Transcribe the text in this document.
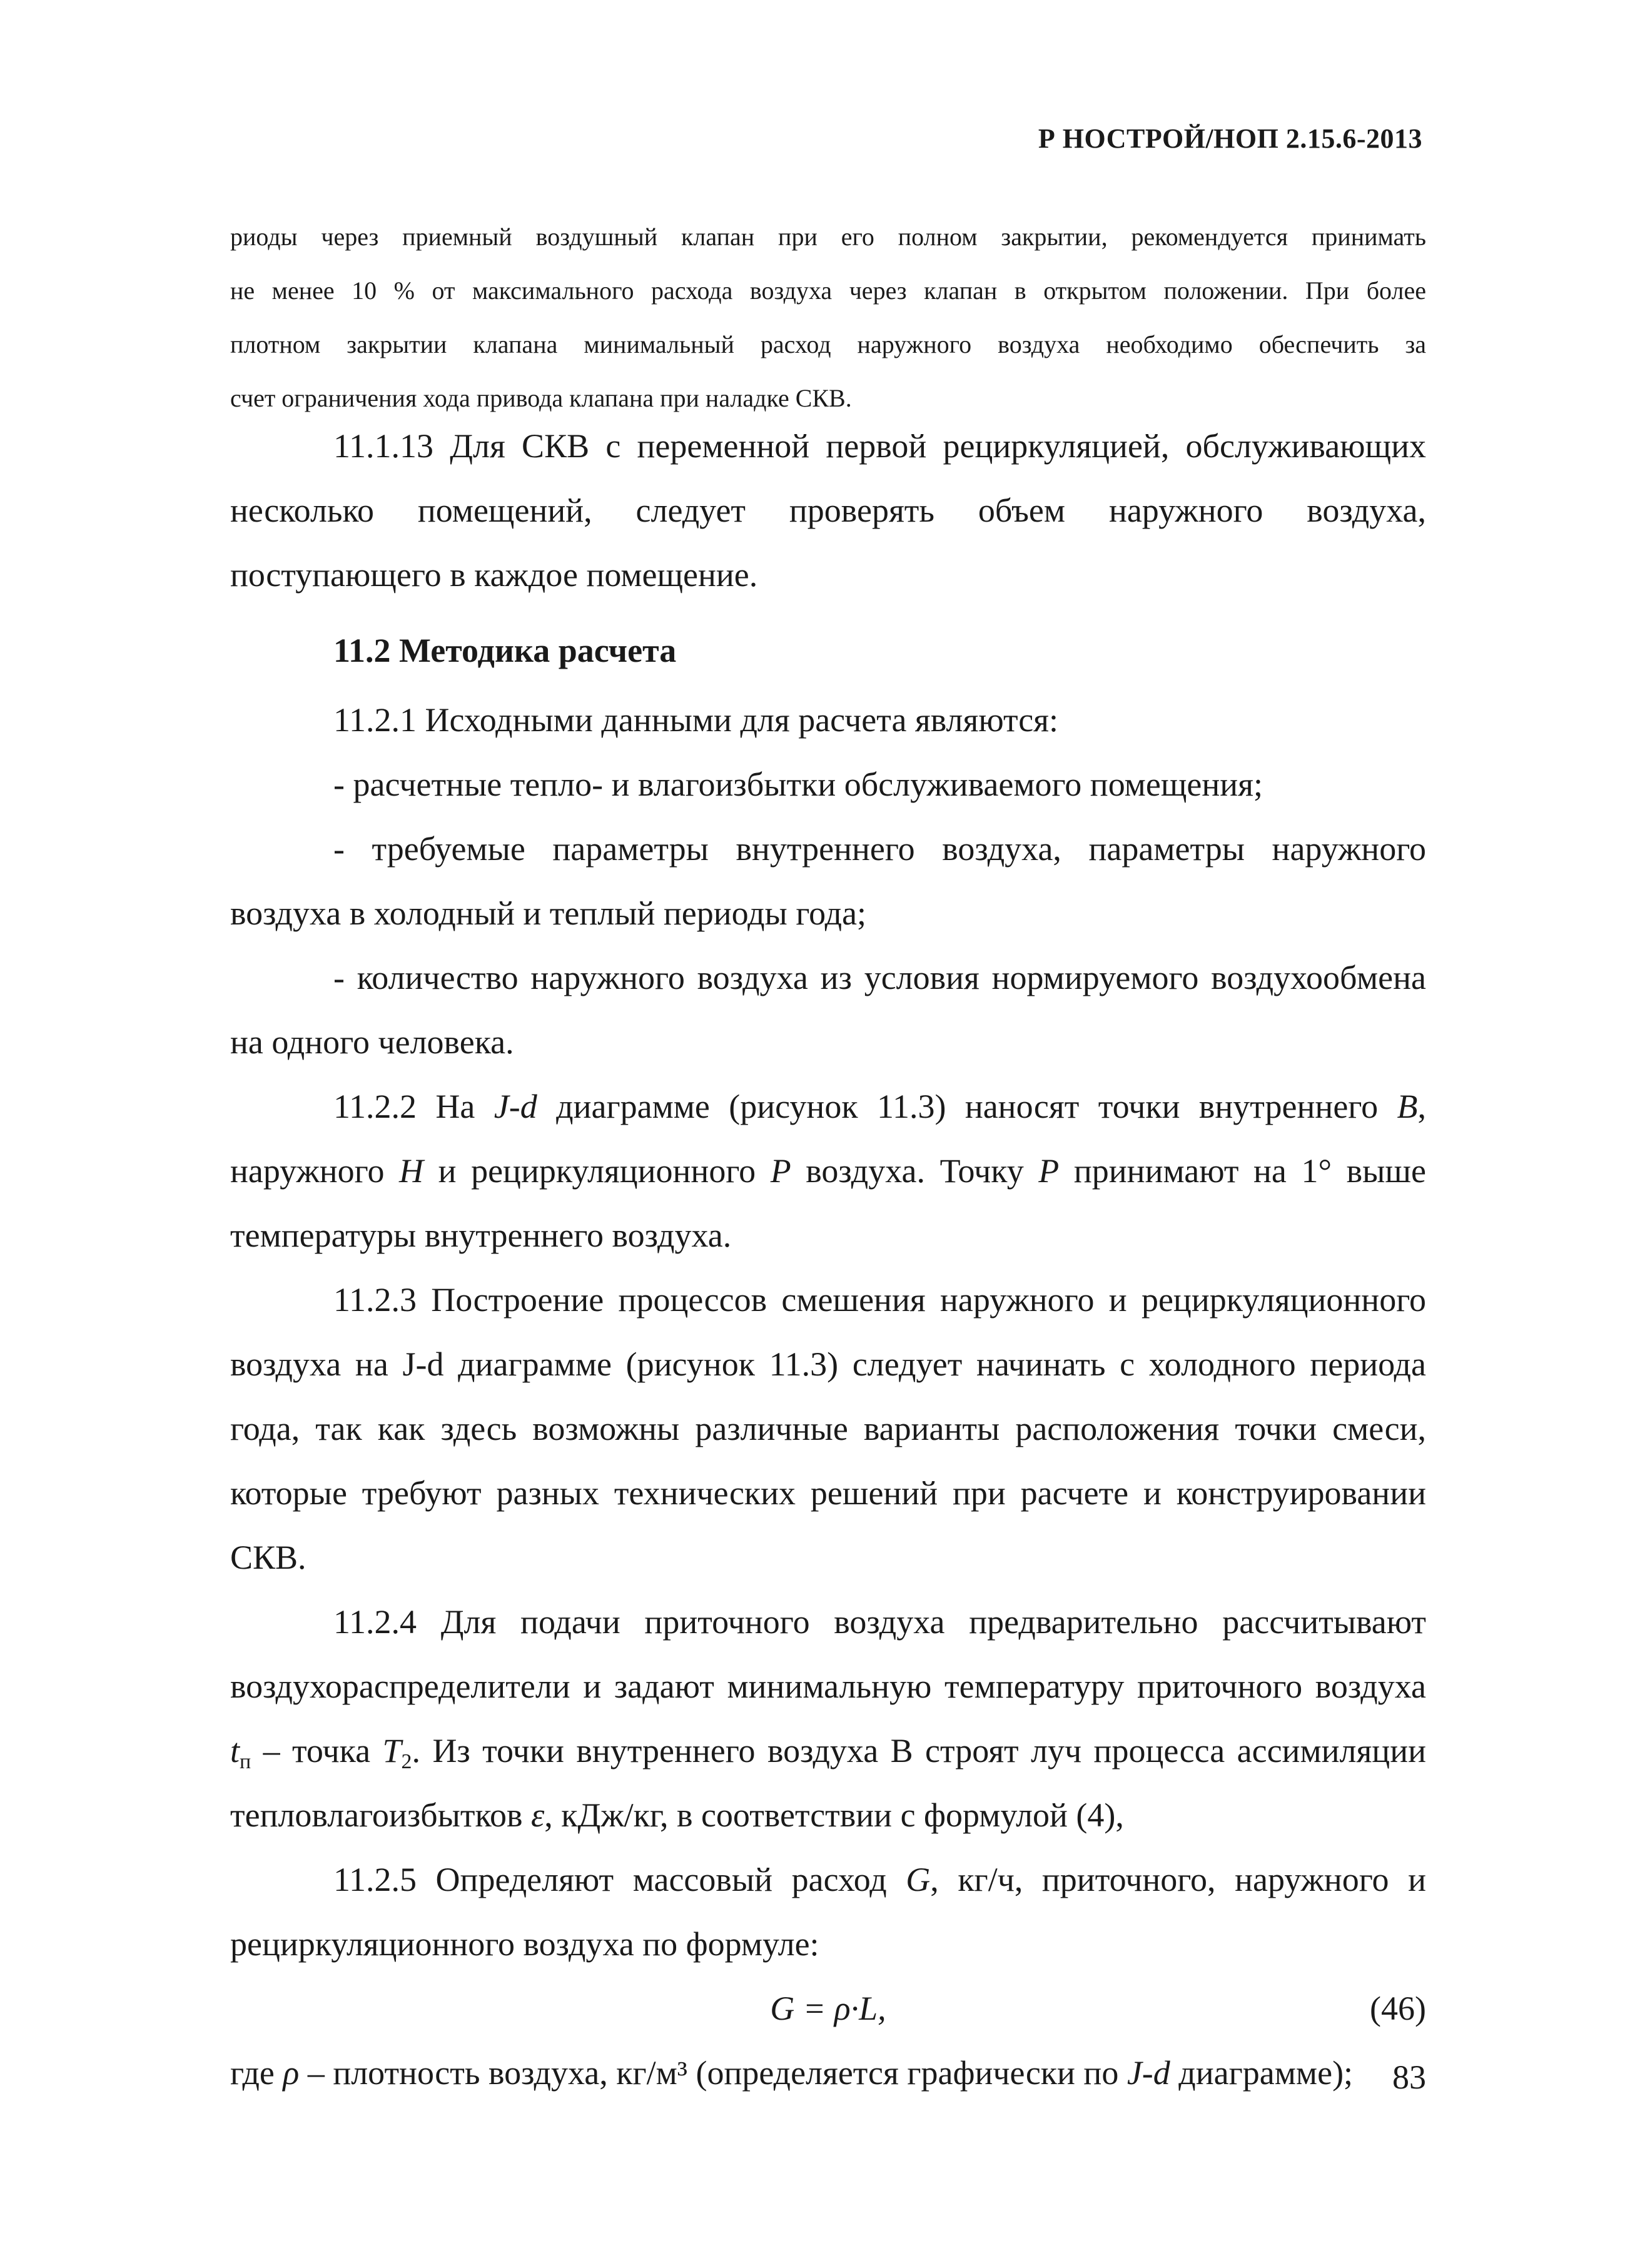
Р НОСТРОЙ/НОП 2.15.6-2013
риоды через приемный воздушный клапан при его полном закрытии, рекомендуется принимать
не менее 10 % от максимального расхода воздуха через клапан в открытом положении. При более
плотном закрытии клапана минимальный расход наружного воздуха необходимо обеспечить за
счет ограничения хода привода клапана при наладке СКВ.

11.1.13 Для СКВ с переменной первой рециркуляцией, обслуживающих несколько помещений, следует проверять объем наружного воздуха, поступающего в каждое помещение.

11.2 Методика расчета

11.2.1 Исходными данными для расчета являются:

- расчетные тепло- и влагоизбытки обслуживаемого помещения;

- требуемые параметры внутреннего воздуха, параметры наружного воздуха в холодный и теплый периоды года;

- количество наружного воздуха из условия нормируемого воздухообмена на одного человека.

11.2.2 На J-d диаграмме (рисунок 11.3) наносят точки внутреннего В, наружного Н и рециркуляционного Р воздуха. Точку Р принимают на 1° выше температуры внутреннего воздуха.

11.2.3 Построение процессов смешения наружного и рециркуляционного воздуха на J-d диаграмме (рисунок 11.3) следует начинать с холодного периода года, так как здесь возможны различные варианты расположения точки смеси, которые требуют разных технических решений при расчете и конструировании СКВ.

11.2.4 Для подачи приточного воздуха предварительно рассчитывают воздухораспределители и задают минимальную температуру приточного воздуха $t_п$ – точка $T_2$. Из точки внутреннего воздуха В строят луч процесса ассимиляции тепловлагоизбытков ε, кДж/кг, в соответствии с формулой (4),

11.2.5 Определяют массовый расход G, кг/ч, приточного, наружного и рециркуляционного воздуха по формуле:

G = ρ·L,	(46)
где ρ – плотность воздуха, кг/м³ (определяется графически по J-d диаграмме);	83
